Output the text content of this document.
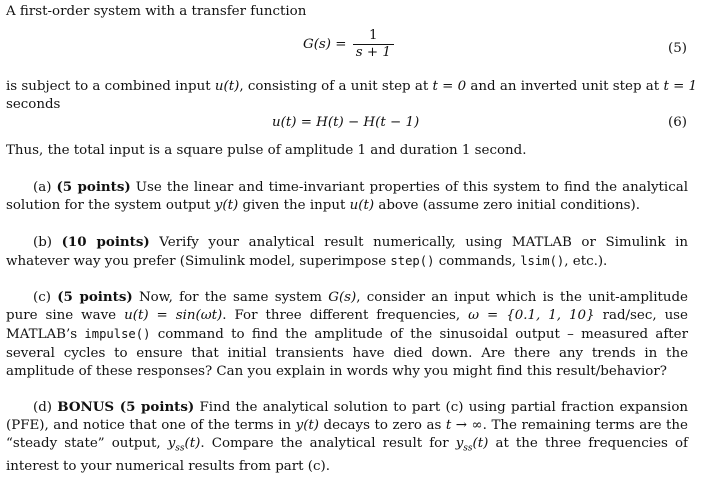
A first-order system with a transfer function
$G(s) = \frac{1}{s + 1}$	(5)
is subject to a combined input u(t), consisting of a unit step at t = 0 and an inverted unit step at t = 1
seconds
u(t) = H(t) − H(t − 1)	(6)
Thus, the total input is a square pulse of amplitude 1 and duration 1 second.
(a) (5 points) Use the linear and time-invariant properties of this system to find the analytical solution for the system output y(t) given the input u(t) above (assume zero initial conditions).
(b) (10 points) Verify your analytical result numerically, using MATLAB or Simulink in whatever way you prefer (Simulink model, superimpose step() commands, lsim(), etc.).
(c) (5 points) Now, for the same system G(s), consider an input which is the unit-amplitude pure sine wave u(t) = sin(ωt). For three different frequencies, ω = {0.1, 1, 10} rad/sec, use MATLAB’s impulse() command to find the amplitude of the sinusoidal output – measured after several cycles to ensure that initial transients have died down. Are there any trends in the amplitude of these responses? Can you explain in words why you might find this result/behavior?
(d) BONUS (5 points) Find the analytical solution to part (c) using partial fraction expansion (PFE), and notice that one of the terms in y(t) decays to zero as t → ∞. The remaining terms are the “steady state” output, $y_{ss}(t)$. Compare the analytical result for $y_{ss}(t)$ at the three frequencies of interest to your numerical results from part (c).
